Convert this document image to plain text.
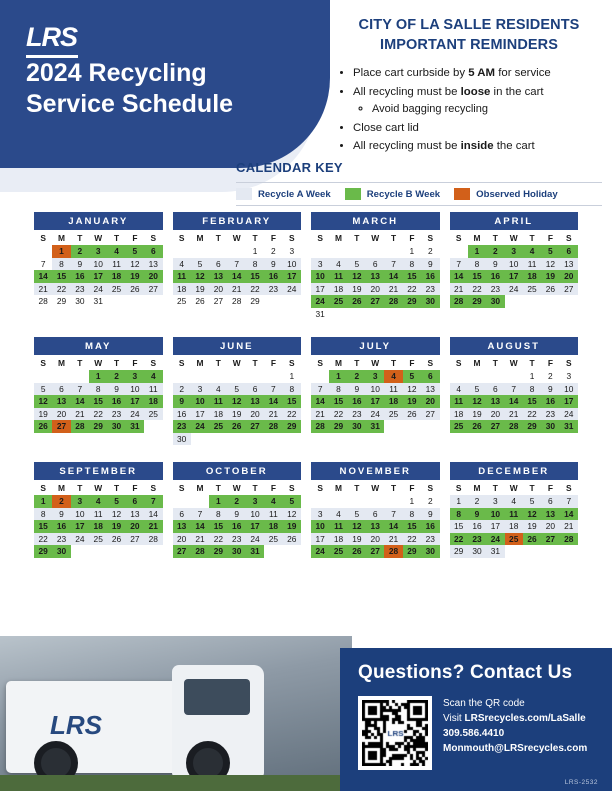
LRS
2024 Recycling
Service Schedule
CITY OF LA SALLE RESIDENTS
IMPORTANT REMINDERS
• Place cart curbside by 5 AM for service
• All recycling must be loose in the cart
◦ Avoid bagging recycling
• Close cart lid
• All recycling must be inside the cart
CALENDAR KEY
Recycle A Week	Recycle B Week	Observed Holiday
JANUARY
S	M	T	W	T	F	S
	1	2	3	4	5	6
7	8	9	10	11	12	13
14	15	16	17	18	19	20
21	22	23	24	25	26	27
28	29	30	31			
FEBRUARY
S	M	T	W	T	F	S
				1	2	3
4	5	6	7	8	9	10
11	12	13	14	15	16	17
18	19	20	21	22	23	24
25	26	27	28	29		
MARCH
S	M	T	W	T	F	S
					1	2
3	4	5	6	7	8	9
10	11	12	13	14	15	16
17	18	19	20	21	22	23
24	25	26	27	28	29	30
31						
APRIL
S	M	T	W	T	F	S
	1	2	3	4	5	6
7	8	9	10	11	12	13
14	15	16	17	18	19	20
21	22	23	24	25	26	27
28	29	30				
MAY
S	M	T	W	T	F	S
			1	2	3	4
5	6	7	8	9	10	11
12	13	14	15	16	17	18
19	20	21	22	23	24	25
26	27	28	29	30	31	
JUNE
S	M	T	W	T	F	S
						1
2	3	4	5	6	7	8
9	10	11	12	13	14	15
16	17	18	19	20	21	22
23	24	25	26	27	28	29
30						
JULY
S	M	T	W	T	F	S
	1	2	3	4	5	6
7	8	9	10	11	12	13
14	15	16	17	18	19	20
21	22	23	24	25	26	27
28	29	30	31			
AUGUST
S	M	T	W	T	F	S
				1	2	3
4	5	6	7	8	9	10
11	12	13	14	15	16	17
18	19	20	21	22	23	24
25	26	27	28	29	30	31
SEPTEMBER
S	M	T	W	T	F	S
1	2	3	4	5	6	7
8	9	10	11	12	13	14
15	16	17	18	19	20	21
22	23	24	25	26	27	28
29	30					
OCTOBER
S	M	T	W	T	F	S
		1	2	3	4	5
6	7	8	9	10	11	12
13	14	15	16	17	18	19
20	21	22	23	24	25	26
27	28	29	30	31		
NOVEMBER
S	M	T	W	T	F	S
					1	2
3	4	5	6	7	8	9
10	11	12	13	14	15	16
17	18	19	20	21	22	23
24	25	26	27	28	29	30
DECEMBER
S	M	T	W	T	F	S
1	2	3	4	5	6	7
8	9	10	11	12	13	14
15	16	17	18	19	20	21
22	23	24	25	26	27	28
29	30	31				
LRS
Questions? Contact Us
Scan the QR code
Visit LRSrecycles.com/LaSalle
309.586.4410
Monmouth@LRSrecycles.com
LRS-2532
